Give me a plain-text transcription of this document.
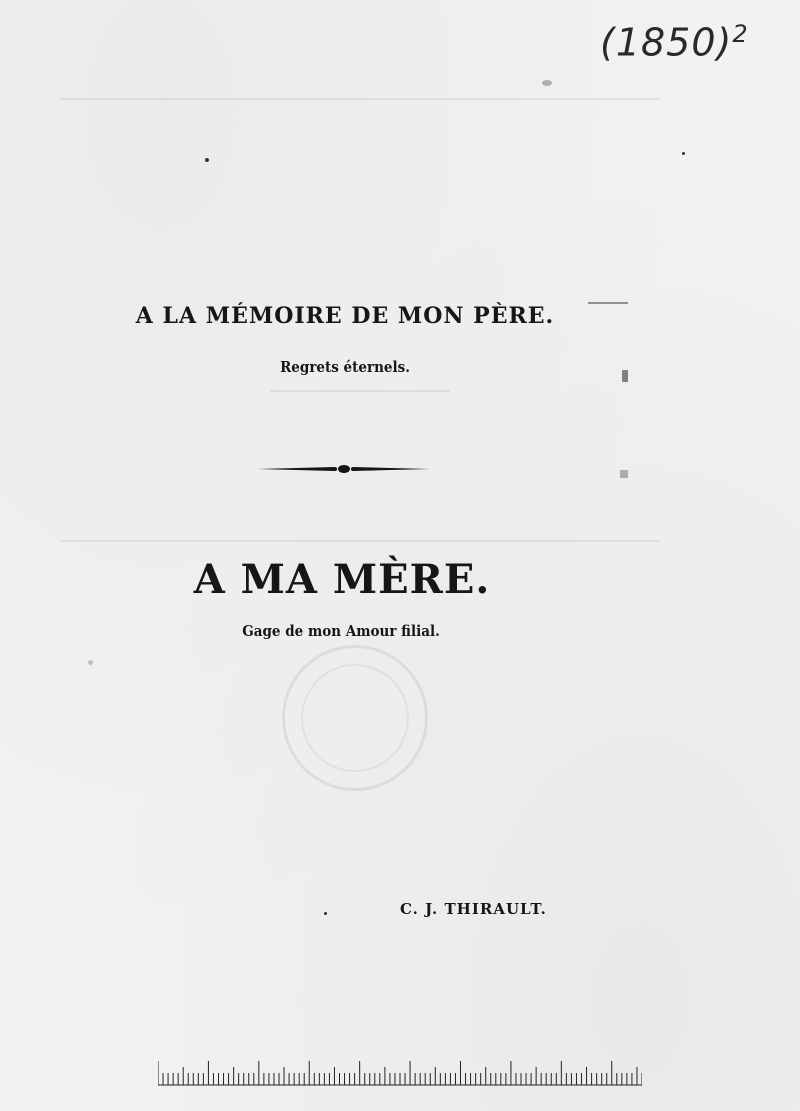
$(1850)^2$
A LA MÉMOIRE DE MON PÈRE.
Regrets éternels.
A MA MÈRE.
Gage de mon Amour filial.
C. J. THIRAULT.
